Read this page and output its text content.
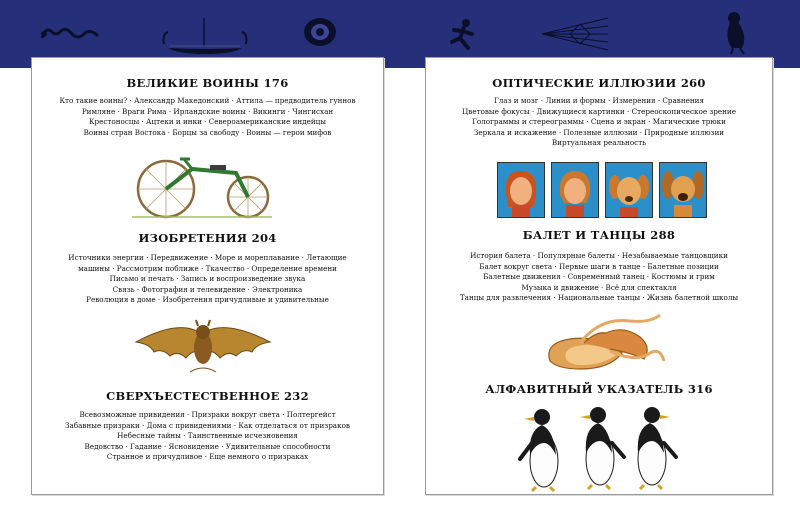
ВЕЛИКИЕ ВОИНЫ 176
Кто такие воины? · Александр Македонский · Аттила — предводитель гуннов
Римляне · Враги Рима · Ирландские воины · Викинги · Чингисхан
Крестоносцы · Ацтеки и инки · Североамериканские индейцы
Воины стран Востока · Борцы за свободу · Воины — герои мифов
ИЗОБРЕТЕНИЯ 204
Источники энергии · Передвижение · Море и мореплавание · Летающие
машины · Рассмотрим поближе · Ткачество · Определение времени
Письмо и печать · Запись и воспроизведение звука
Связь · Фотография и телевидение · Электроника
Революция в доме · Изобретения причудливые и удивительные
СВЕРХЪЕСТЕСТВЕННОЕ 232
Всевозможные привидения · Призраки вокруг света · Полтергейст
Забавные призраки · Дома с привидениями · Как отделаться от призраков
Небесные тайны · Таинственные исчезновения
Ведовство · Гадание · Ясновидение · Удивительные способности
Странное и причудливое · Еще немного о призраках
ОПТИЧЕСКИЕ ИЛЛЮЗИИ 260
Глаз и мозг · Линии и формы · Измерения · Сравнения
Цветовые фокусы · Движущиеся картинки · Стереоскопическое зрение
Голограммы и стереограммы · Сцена и экран · Магические трюки
Зеркала и искажение · Полезные иллюзии · Природные иллюзии
Виртуальная реальность
БАЛЕТ И ТАНЦЫ 288
История балета · Популярные балеты · Незабываемые танцовщики
Балет вокруг света · Первые шаги в танце · Балетные позиции
Балетные движения · Современный танец · Костюмы и грим
Музыка и движение · Всё для спектакля
Танцы для развлечения · Национальные танцы · Жизнь балетной школы
АЛФАВИТНЫЙ УКАЗАТЕЛЬ 316
